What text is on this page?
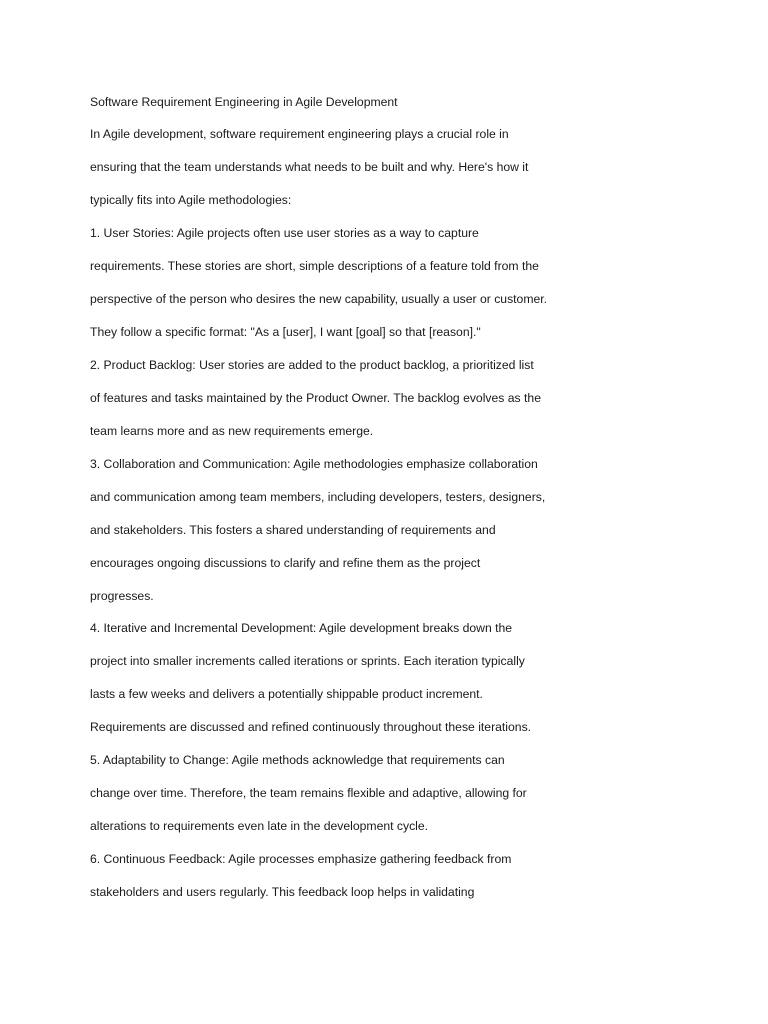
Software Requirement Engineering in Agile Development

In Agile development, software requirement engineering plays a crucial role in

ensuring that the team understands what needs to be built and why. Here's how it

typically fits into Agile methodologies:

1. User Stories: Agile projects often use user stories as a way to capture

requirements. These stories are short, simple descriptions of a feature told from the

perspective of the person who desires the new capability, usually a user or customer.

They follow a specific format: "As a [user], I want [goal] so that [reason]."

2. Product Backlog: User stories are added to the product backlog, a prioritized list

of features and tasks maintained by the Product Owner. The backlog evolves as the

team learns more and as new requirements emerge.

3. Collaboration and Communication: Agile methodologies emphasize collaboration

and communication among team members, including developers, testers, designers,

and stakeholders. This fosters a shared understanding of requirements and

encourages ongoing discussions to clarify and refine them as the project

progresses.

4. Iterative and Incremental Development: Agile development breaks down the

project into smaller increments called iterations or sprints. Each iteration typically

lasts a few weeks and delivers a potentially shippable product increment.

Requirements are discussed and refined continuously throughout these iterations.

5. Adaptability to Change: Agile methods acknowledge that requirements can

change over time. Therefore, the team remains flexible and adaptive, allowing for

alterations to requirements even late in the development cycle.

6. Continuous Feedback: Agile processes emphasize gathering feedback from

stakeholders and users regularly. This feedback loop helps in validating
